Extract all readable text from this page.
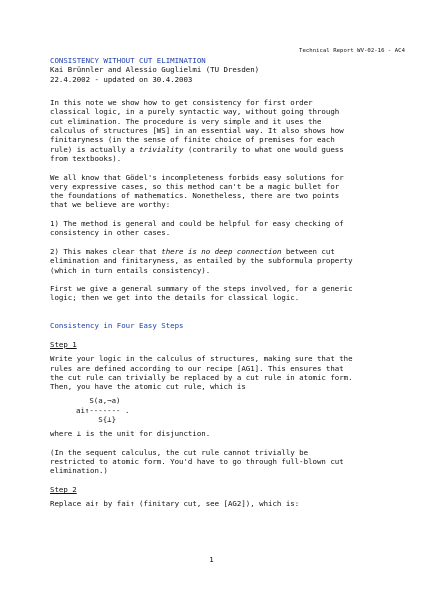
Technical Report WV-02-16 - AC4
CONSISTENCY WITHOUT CUT ELIMINATION
Kai Brünnler and Alessio Guglielmi (TU Dresden)
22.4.2002 - updated on 30.4.2003
In this note we show how to get consistency for first order
classical logic, in a purely syntactic way, without going through
cut elimination. The procedure is very simple and it uses the
calculus of structures [WS] in an essential way. It also shows how
finitaryness (in the sense of finite choice of premises for each
rule) is actually a triviality (contrarily to what one would guess
from textbooks).
We all know that Gödel's incompleteness forbids easy solutions for
very expressive cases, so this method can't be a magic bullet for
the foundations of mathematics. Nonetheless, there are two points
that we believe are worthy:
1) The method is general and could be helpful for easy checking of
consistency in other cases.
2) This makes clear that there is no deep connection between cut
elimination and finitaryness, as entailed by the subformula property
(which in turn entails consistency).
First we give a general summary of the steps involved, for a generic
logic; then we get into the details for classical logic.
Consistency in Four Easy Steps
Step 1
Write your logic in the calculus of structures, making sure that the
rules are defined according to our recipe [AG1]. This ensures that
the cut rule can trivially be replaced by a cut rule in atomic form.
Then, you have the atomic cut rule, which is
S(a,¬a)
ai↑------- .
S{⊥}
where ⊥ is the unit for disjunction.
(In the sequent calculus, the cut rule cannot trivially be
restricted to atomic form. You'd have to go through full-blown cut
elimination.)
Step 2
Replace ai↑ by fai↑ (finitary cut, see [AG2]), which is:
1
